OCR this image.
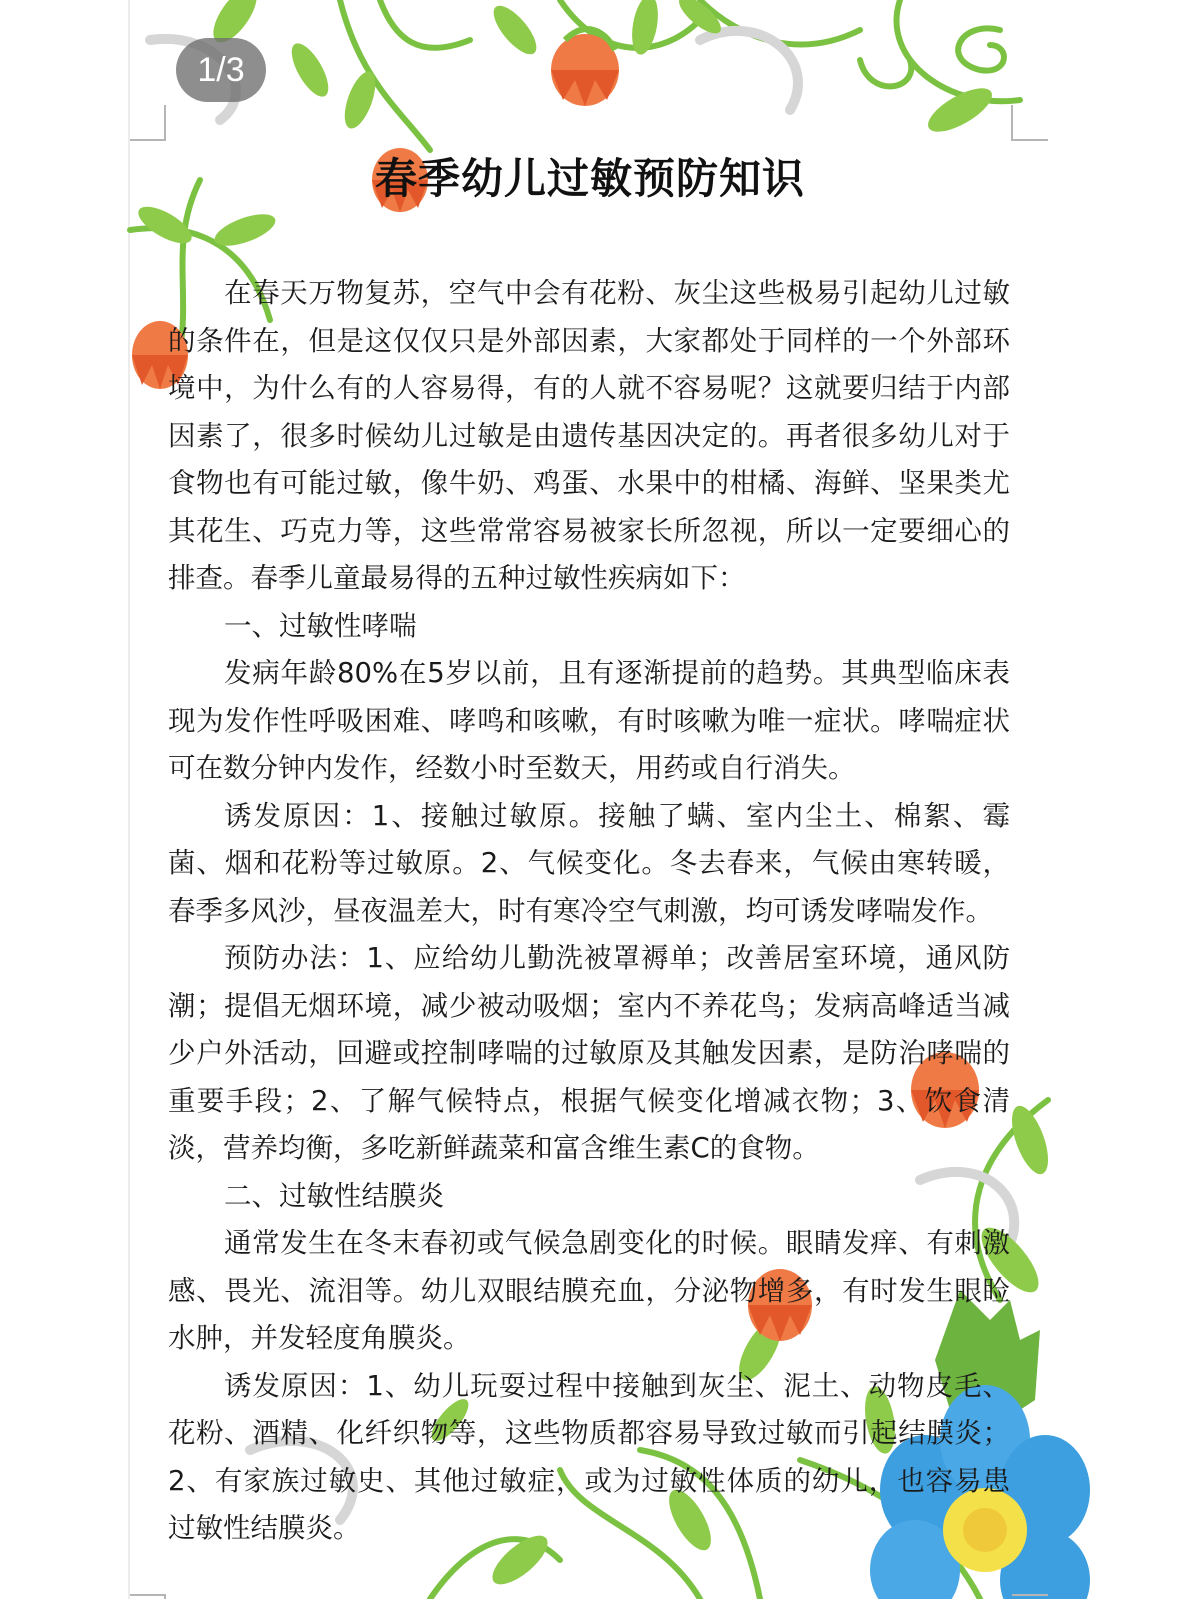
1/3
春季幼儿过敏预防知识

在春天万物复苏，空气中会有花粉、灰尘这些极易引起幼儿过敏的条件在，但是这仅仅只是外部因素，大家都处于同样的一个外部环境中，为什么有的人容易得，有的人就不容易呢？这就要归结于内部因素了，很多时候幼儿过敏是由遗传基因决定的。再者很多幼儿对于食物也有可能过敏，像牛奶、鸡蛋、水果中的柑橘、海鲜、坚果类尤其花生、巧克力等，这些常常容易被家长所忽视，所以一定要细心的排查。春季儿童最易得的五种过敏性疾病如下：

一、过敏性哮喘

发病年龄80%在5岁以前，且有逐渐提前的趋势。其典型临床表现为发作性呼吸困难、哮鸣和咳嗽，有时咳嗽为唯一症状。哮喘症状可在数分钟内发作，经数小时至数天，用药或自行消失。

诱发原因：1、接触过敏原。接触了螨、室内尘土、棉絮、霉菌、烟和花粉等过敏原。2、气候变化。冬去春来，气候由寒转暖，春季多风沙，昼夜温差大，时有寒冷空气刺激，均可诱发哮喘发作。

预防办法：1、应给幼儿勤洗被罩褥单；改善居室环境，通风防潮；提倡无烟环境，减少被动吸烟；室内不养花鸟；发病高峰适当减少户外活动，回避或控制哮喘的过敏原及其触发因素，是防治哮喘的重要手段；2、了解气候特点，根据气候变化增减衣物；3、饮食清淡，营养均衡，多吃新鲜蔬菜和富含维生素C的食物。

二、过敏性结膜炎

通常发生在冬末春初或气候急剧变化的时候。眼睛发痒、有刺激感、畏光、流泪等。幼儿双眼结膜充血，分泌物增多，有时发生眼睑水肿，并发轻度角膜炎。

诱发原因：1、幼儿玩耍过程中接触到灰尘、泥土、动物皮毛、花粉、酒精、化纤织物等，这些物质都容易导致过敏而引起结膜炎；2、有家族过敏史、其他过敏症，或为过敏性体质的幼儿，也容易患过敏性结膜炎。
